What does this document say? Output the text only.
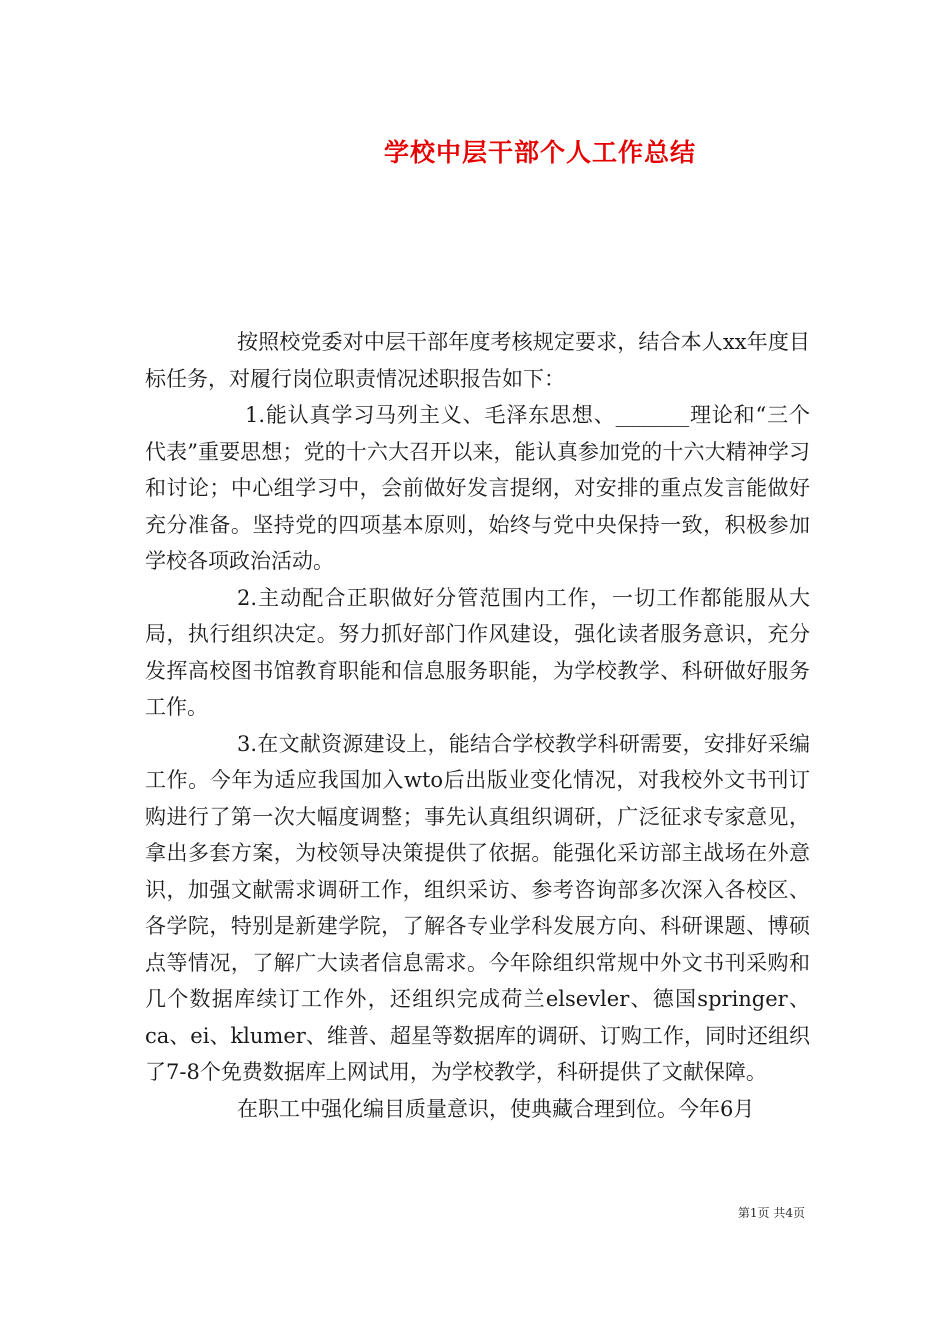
学校中层干部个人工作总结

按照校党委对中层干部年度考核规定要求，结合本人xx年度目标任务，对履行岗位职责情况述职报告如下：

1.能认真学习马列主义、毛泽东思想、_______理论和“三个代表”重要思想；党的十六大召开以来，能认真参加党的十六大精神学习和讨论；中心组学习中，会前做好发言提纲，对安排的重点发言能做好充分准备。坚持党的四项基本原则，始终与党中央保持一致，积极参加学校各项政治活动。

2.主动配合正职做好分管范围内工作，一切工作都能服从大局，执行组织决定。努力抓好部门作风建设，强化读者服务意识，充分发挥高校图书馆教育职能和信息服务职能，为学校教学、科研做好服务工作。

3.在文献资源建设上，能结合学校教学科研需要，安排好采编工作。今年为适应我国加入wto后出版业变化情况，对我校外文书刊订购进行了第一次大幅度调整；事先认真组织调研，广泛征求专家意见，拿出多套方案，为校领导决策提供了依据。能强化采访部主战场在外意识，加强文献需求调研工作，组织采访、参考咨询部多次深入各校区、各学院，特别是新建学院，了解各专业学科发展方向、科研课题、博硕点等情况，了解广大读者信息需求。今年除组织常规中外文书刊采购和几个数据库续订工作外，还组织完成荷兰elsevler、德国springer、ca、ei、klumer、维普、超星等数据库的调研、订购工作，同时还组织了7-8个免费数据库上网试用，为学校教学，科研提供了文献保障。

在职工中强化编目质量意识，使典藏合理到位。今年6月

第1页 共4页
